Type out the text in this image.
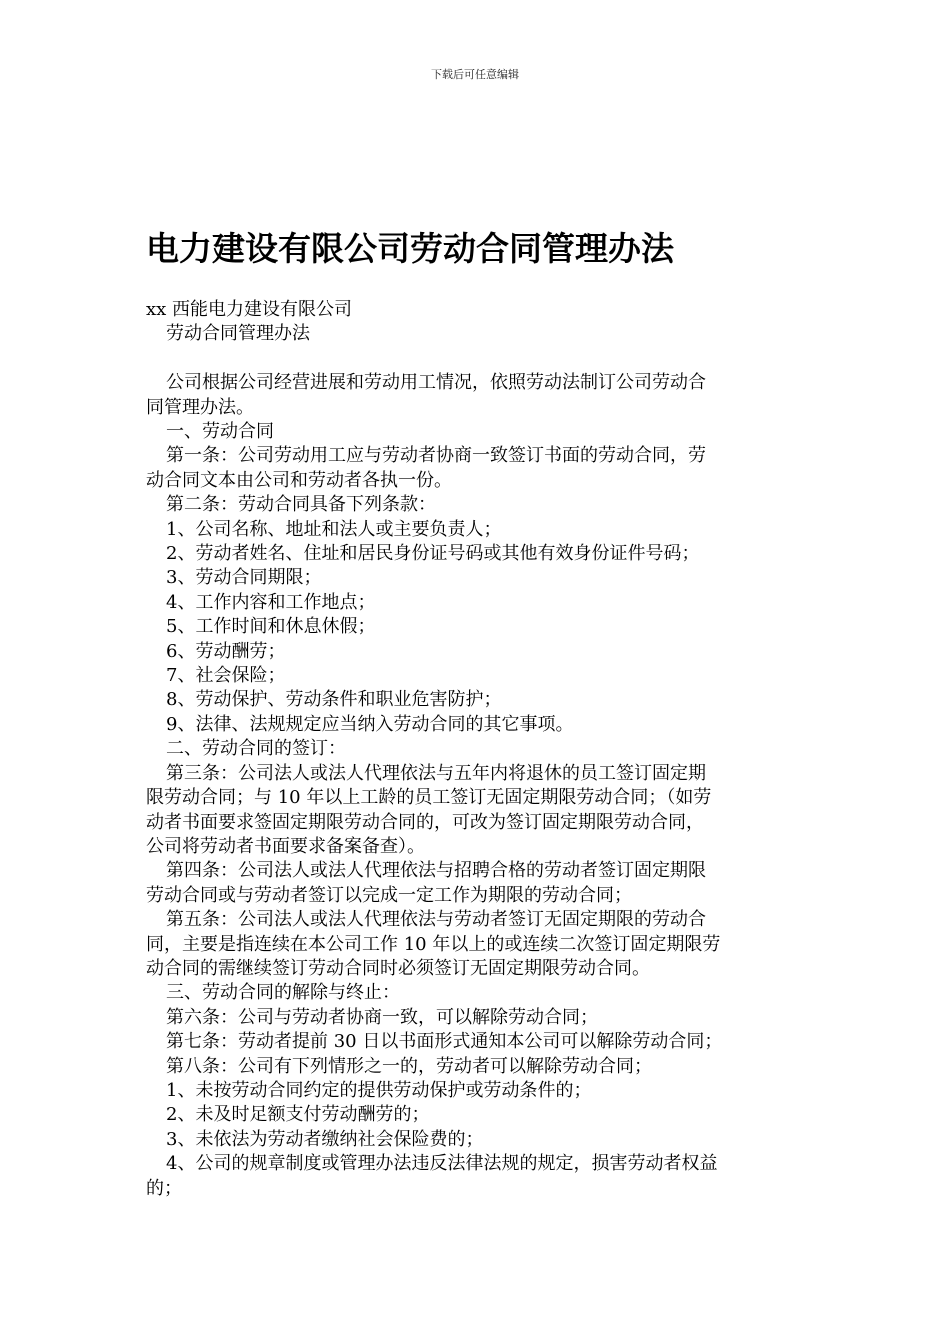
下载后可任意编辑
电力建设有限公司劳动合同管理办法
xx 西能电力建设有限公司
劳动合同管理办法
公司根据公司经营进展和劳动用工情况，依照劳动法制订公司劳动合
同管理办法。
一、劳动合同
第一条：公司劳动用工应与劳动者协商一致签订书面的劳动合同，劳
动合同文本由公司和劳动者各执一份。
第二条：劳动合同具备下列条款：
1、公司名称、地址和法人或主要负责人；
2、劳动者姓名、住址和居民身份证号码或其他有效身份证件号码；
3、劳动合同期限；
4、工作内容和工作地点；
5、工作时间和休息休假；
6、劳动酬劳；
7、社会保险；
8、劳动保护、劳动条件和职业危害防护；
9、法律、法规规定应当纳入劳动合同的其它事项。
二、劳动合同的签订：
第三条：公司法人或法人代理依法与五年内将退休的员工签订固定期
限劳动合同；与 10 年以上工龄的员工签订无固定期限劳动合同；（如劳
动者书面要求签固定期限劳动合同的，可改为签订固定期限劳动合同，
公司将劳动者书面要求备案备查）。
第四条：公司法人或法人代理依法与招聘合格的劳动者签订固定期限
劳动合同或与劳动者签订以完成一定工作为期限的劳动合同；
第五条：公司法人或法人代理依法与劳动者签订无固定期限的劳动合
同，主要是指连续在本公司工作 10 年以上的或连续二次签订固定期限劳
动合同的需继续签订劳动合同时必须签订无固定期限劳动合同。
三、劳动合同的解除与终止：
第六条：公司与劳动者协商一致，可以解除劳动合同；
第七条：劳动者提前 30 日以书面形式通知本公司可以解除劳动合同；
第八条：公司有下列情形之一的，劳动者可以解除劳动合同；
1、未按劳动合同约定的提供劳动保护或劳动条件的；
2、未及时足额支付劳动酬劳的；
3、未依法为劳动者缴纳社会保险费的；
4、公司的规章制度或管理办法违反法律法规的规定，损害劳动者权益
的；
